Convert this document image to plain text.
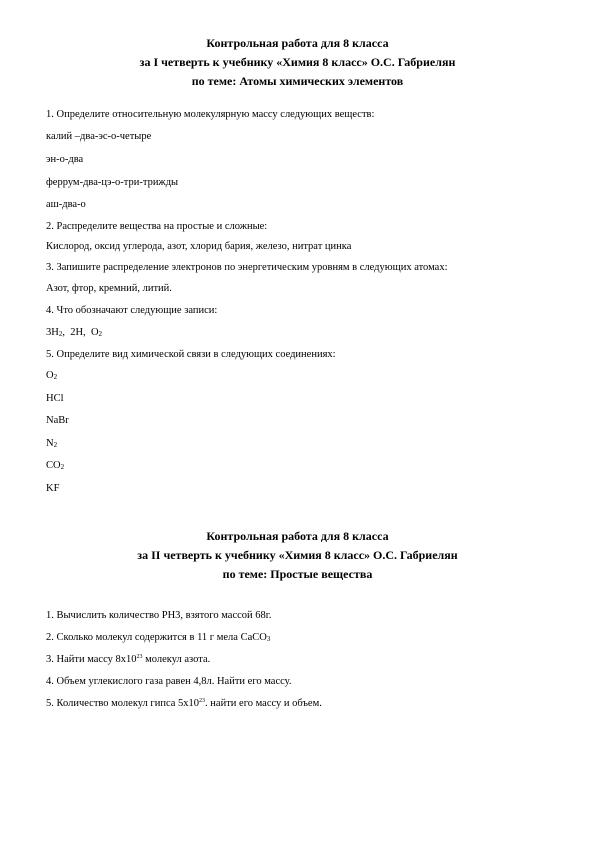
Контрольная работа для 8 класса
за I четверть к учебнику «Химия 8 класс» О.С. Габриелян
по теме: Атомы химических элементов
1. Определите относительную молекулярную массу следующих веществ:
калий –два-эс-о-четыре
эн-о-два
феррум-два-цэ-о-три-трижды
аш-два-о
2. Распределите вещества на простые и сложные:
Кислород, оксид углерода, азот, хлорид бария, железо, нитрат цинка
3. Запишите распределение электронов по энергетическим уровням в следующих атомах:
Азот, фтор, кремний, литий.
4. Что обозначают следующие записи:
$3H_2$,  2H, $O_2$
5. Определите вид химической связи в следующих соединениях:
$O_2$
HCl
NaBr
$N_2$
$CO_2$
KF
Контрольная работа для 8 класса
за II четверть к учебнику «Химия 8 класс» О.С. Габриелян
по теме: Простые вещества
1. Вычислить количество PH3, взятого массой 68г.
2. Сколько молекул содержится в 11 г мела CaCO$_3$
3. Найти массу $8х10^{23}$ молекул азота.
4. Объем углекислого газа равен 4,8л. Найти его массу.
5. Количество молекул гипса $5х10^{23}$. найти его массу и объем.
